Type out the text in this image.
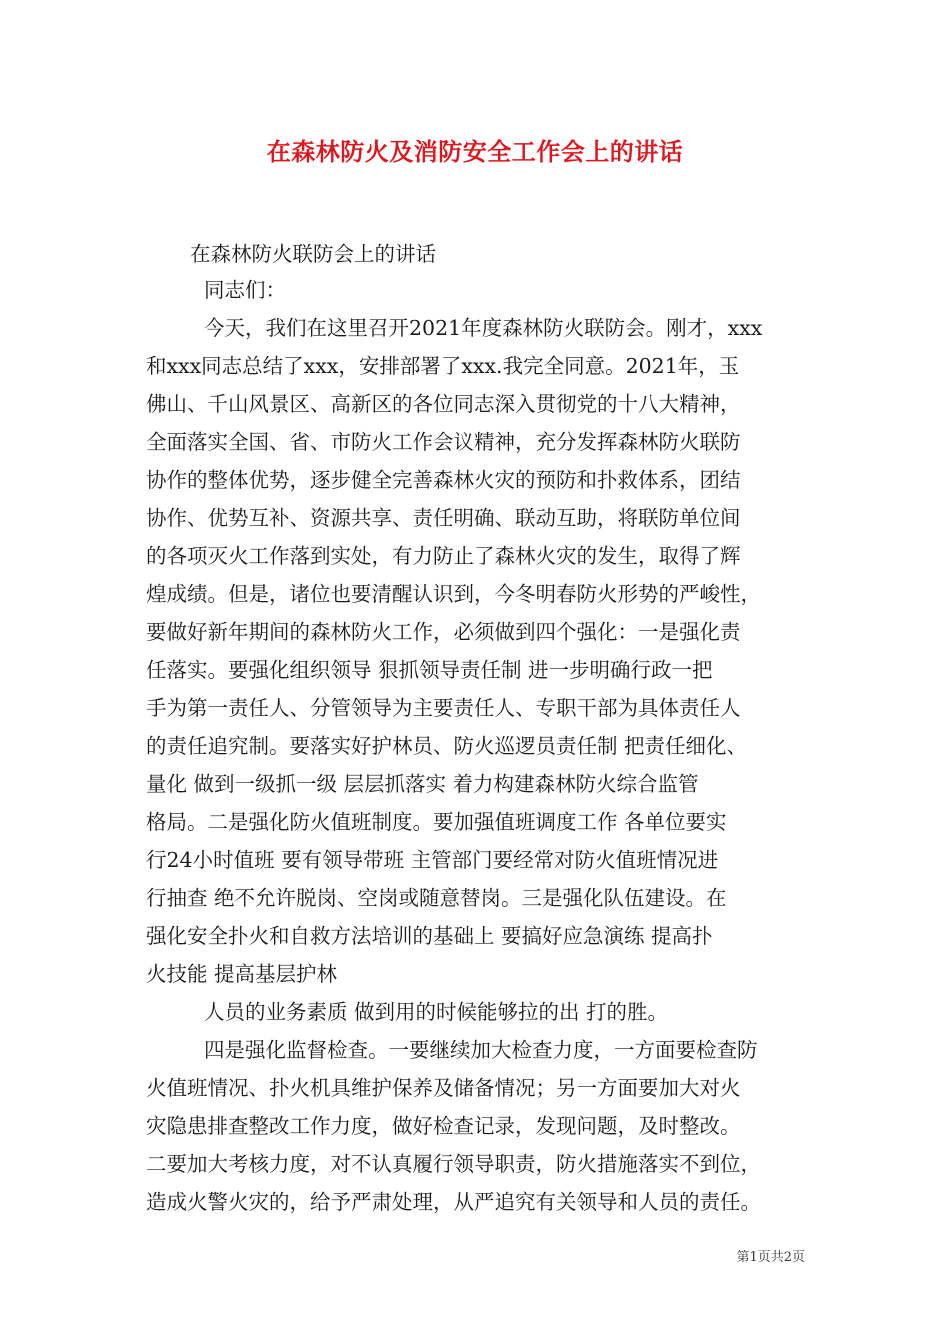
在森林防火及消防安全工作会上的讲话
在森林防火联防会上的讲话
同志们：
今天，我们在这里召开2021年度森林防火联防会。刚才，xxx
和xxx同志总结了xxx，安排部署了xxx.我完全同意。2021年，玉
佛山、千山风景区、高新区的各位同志深入贯彻党的十八大精神，
全面落实全国、省、市防火工作会议精神，充分发挥森林防火联防
协作的整体优势，逐步健全完善森林火灾的预防和扑救体系，团结
协作、优势互补、资源共享、责任明确、联动互助，将联防单位间
的各项灭火工作落到实处，有力防止了森林火灾的发生，取得了辉
煌成绩。但是，诸位也要清醒认识到，今冬明春防火形势的严峻性，
要做好新年期间的森林防火工作，必须做到四个强化：一是强化责
任落实。要强化组织领导 狠抓领导责任制 进一步明确行政一把
手为第一责任人、分管领导为主要责任人、专职干部为具体责任人
的责任追究制。要落实好护林员、防火巡逻员责任制 把责任细化、
量化 做到一级抓一级 层层抓落实 着力构建森林防火综合监管
格局。二是强化防火值班制度。要加强值班调度工作 各单位要实
行24小时值班 要有领导带班 主管部门要经常对防火值班情况进
行抽查 绝不允许脱岗、空岗或随意替岗。三是强化队伍建设。在
强化安全扑火和自救方法培训的基础上 要搞好应急演练 提高扑
火技能 提高基层护林
人员的业务素质 做到用的时候能够拉的出 打的胜。
四是强化监督检查。一要继续加大检查力度，一方面要检查防
火值班情况、扑火机具维护保养及储备情况；另一方面要加大对火
灾隐患排查整改工作力度，做好检查记录，发现问题，及时整改。
二要加大考核力度，对不认真履行领导职责，防火措施落实不到位，
造成火警火灾的，给予严肃处理，从严追究有关领导和人员的责任。
第1页共2页
